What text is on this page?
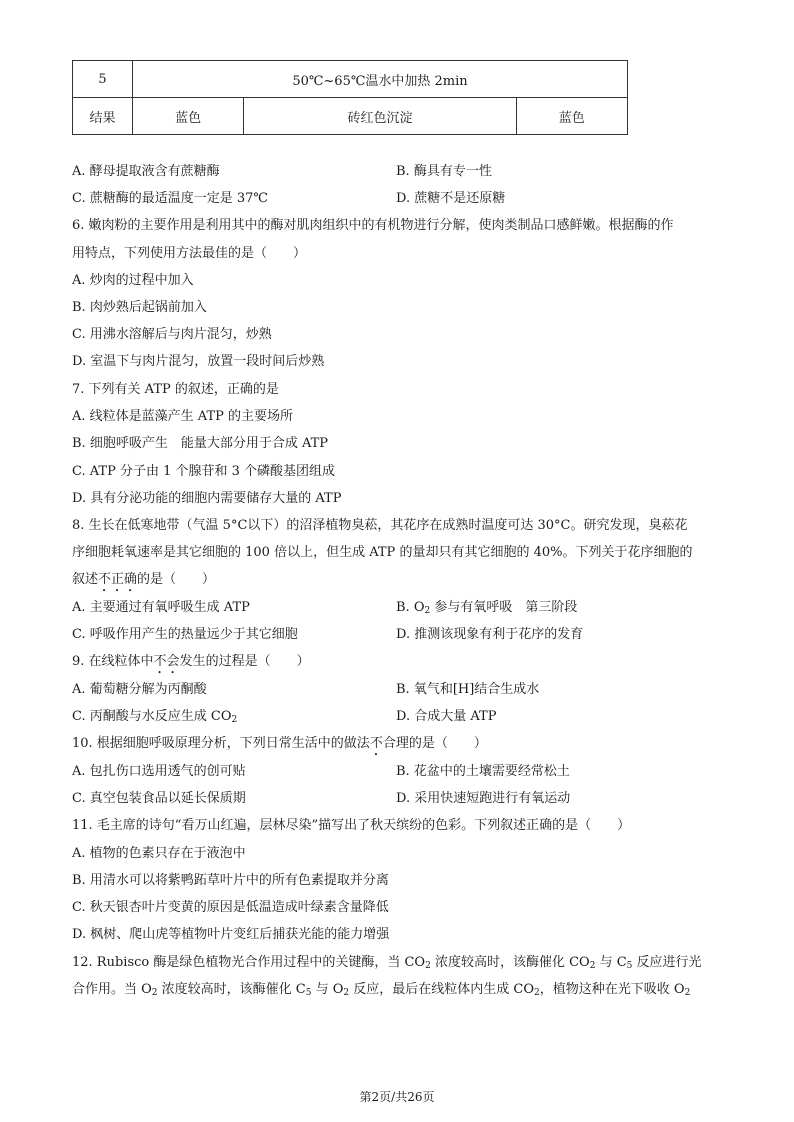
5	50℃~65℃温水中加热 2min		
结果	蓝色	砖红色沉淀	蓝色
A. 酵母提取液含有蔗糖酶	B. 酶具有专一性
C. 蔗糖酶的最适温度一定是 37℃	D. 蔗糖不是还原糖
6. 嫩肉粉的主要作用是利用其中的酶对肌肉组织中的有机物进行分解，使肉类制品口感鲜嫩。根据酶的作
用特点，下列使用方法最佳的是（　　）
A. 炒肉的过程中加入
B. 肉炒熟后起锅前加入
C. 用沸水溶解后与肉片混匀，炒熟
D. 室温下与肉片混匀，放置一段时间后炒熟
7. 下列有关 ATP 的叙述，正确的是
A. 线粒体是蓝藻产生 ATP 的主要场所
B. 细胞呼吸产生　能量大部分用于合成 ATP
C. ATP 分子由 1 个腺苷和 3 个磷酸基团组成
D. 具有分泌功能的细胞内需要储存大量的 ATP
8. 生长在低寒地带（气温 5°C以下）的沼泽植物臭菘，其花序在成熟时温度可达 30°C。研究发现，臭菘花
序细胞耗氧速率是其它细胞的 100 倍以上，但生成 ATP 的量却只有其它细胞的 40%。下列关于花序细胞的
叙述不正确的是（　　）
A. 主要通过有氧呼吸生成 ATP	B. $O_2$ 参与有氧呼吸　第三阶段
C. 呼吸作用产生的热量远少于其它细胞	D. 推测该现象有利于花序的发育
9. 在线粒体中不会发生的过程是（　　）
A. 葡萄糖分解为丙酮酸	B. 氧气和[H]结合生成水
C. 丙酮酸与水反应生成 $CO_2$	D. 合成大量 ATP
10. 根据细胞呼吸原理分析，下列日常生活中的做法不合理的是（　　）
A. 包扎伤口选用透气的创可贴	B. 花盆中的土壤需要经常松土
C. 真空包装食品以延长保质期	D. 采用快速短跑进行有氧运动
11. 毛主席的诗句“看万山红遍，层林尽染”描写出了秋天缤纷的色彩。下列叙述正确的是（　　）
A. 植物的色素只存在于液泡中
B. 用清水可以将紫鸭跖草叶片中的所有色素提取并分离
C. 秋天银杏叶片变黄的原因是低温造成叶绿素含量降低
D. 枫树、爬山虎等植物叶片变红后捕获光能的能力增强
12. Rubisco 酶是绿色植物光合作用过程中的关键酶，当 $CO_2$ 浓度较高时，该酶催化 $CO_2$ 与 $C_5$ 反应进行光
合作用。当 $O_2$ 浓度较高时，该酶催化 $C_5$ 与 $O_2$ 反应，最后在线粒体内生成 $CO_2$，植物这种在光下吸收 $O_2$
第2页/共26页
